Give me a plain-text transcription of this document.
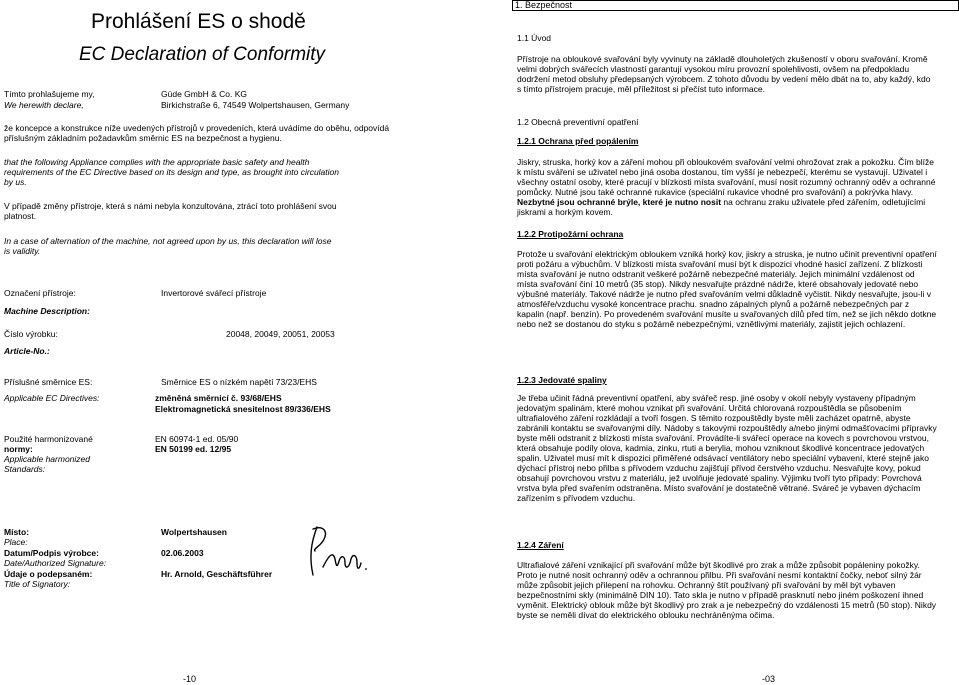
Prohlášení ES o shodě
EC Declaration of Conformity
Tímto prohlašujeme my,
We herewith declare,
Güde GmbH & Co. KG
Birkichstraße 6, 74549 Wolpertshausen, Germany
že koncepce a konstrukce níže uvedených přístrojů v provedeních, která uvádíme do oběhu, odpovídá příslušným základním požadavkům směrnic ES na bezpečnost a hygienu.
that the following Appliance complies with the appropriate basic safety and health requirements of the EC Directive based on its design and type, as brought into circulation by us.
V případě změny přístroje, která s námi nebyla konzultována, ztrácí toto prohlášení svou platnost.
In a case of alternation of the machine, not agreed upon by us, this declaration will lose is validity.
Označení přístroje:
Machine Description:
Invertorové svářecí přístroje
Číslo výrobku:
Article-No.:
20048, 20049, 20051, 20053
Příslušné směrnice ES:
Applicable EC Directives:
Směrnice ES o nízkém napětí 73/23/EHS
změněná směrnicí č. 93/68/EHS
Elektromagnetická snesitelnost 89/336/EHS
Použité harmonizované
normy:
Applicable harmonized
Standards:
EN 60974-1 ed. 05/90
EN 50199 ed. 12/95
Místo:
Place:
Wolpertshausen
Datum/Podpis výrobce:
Date/Authorized Signature:
02.06.2003
Údaje o podepsaném:
Title of Signatory:
Hr. Arnold, Geschäftsführer
-10
1. Bezpečnost
1.1 Úvod
Přístroje na obloukové svařování byly vyvinuty na základě dlouholetých zkušeností v oboru svařování. Kromě velmi dobrých svářecích vlastností garantují vysokou míru provozní spolehlivosti, ovšem na předpokladu dodržení metod obsluhy předepsaných výrobcem. Z tohoto důvodu by vedení mělo dbát na to, aby každý, kdo s tímto přístrojem pracuje, měl příležitost si přečíst tuto informace.
1.2 Obecná preventivní opatření
1.2.1 Ochrana před popálením
Jiskry, struska, horký kov a záření mohou při obloukovém svařování velmi ohrožovat zrak a pokožku. Čím blíže k místu sváření se uživatel nebo jiná osoba dostanou, tím vyšší je nebezpečí, kterému se vystavují. Uživatel i všechny ostatní osoby, které pracují v blízkosti místa svařování, musí nosit rozumný ochranný oděv a ochranné pomůcky. Nutné jsou také ochranné rukavice (speciální rukavice vhodné pro svařování) a pokrývka hlavy. Nezbytné jsou ochranné brýle, které je nutno nosit na ochranu zraku uživatele před zářením, odletujícími jiskrami a horkým kovem.
1.2.2 Protipožární ochrana
Protože u svařování elektrickým obloukem vzniká horký kov, jiskry a struska, je nutno učinit preventivní opatření proti požáru a výbuchům. V blízkosti místa svařování musí být k dispozici vhodné hasicí zařízení. Z blízkosti místa svařování je nutno odstranit veškeré požárně nebezpečné materiály. Jejich minimální vzdálenost od místa svařování činí 10 metrů (35 stop). Nikdy nesvařujte prázdné nádrže, které obsahovaly jedovaté nebo výbušné materiály. Takové nádrže je nutno před svařováním velmi důkladně vyčistit. Nikdy nesvařujte, jsou-li v atmosféře/vzduchu vysoké koncentrace prachu. snadno zápalných plynů a požárně nebezpečných par z kapalin (např. benzín). Po provedeném svařování musíte u svařovaných dílů před tím, než se jich někdo dotkne nebo než se dostanou do styku s požárně nebezpečnými, vznětlivými materiály, zajistit jejich ochlazení.
1.2.3 Jedovaté spaliny
Je třeba učinit řádná preventivní opatření, aby svářeč resp. jiné osoby v okolí nebyly vystaveny případným jedovatým spalinám, které mohou vznikat při svařování. Určitá chlorovaná rozpouštědla se působením ultrafialového záření rozkládají a tvoří fosgen. S těmito rozpouštědly byste měli zacházet opatrně, abyste zabránili kontaktu se svařovanými díly. Nádoby s takovými rozpouštědly a/nebo jinými odmašťovacími přípravky byste měli odstranit z blízkosti místa svařování. Provádíte-li svářecí operace na kovech s povrchovou vrstvou, která obsahuje podíly olova, kadmia, zinku, rtuti a berylia, mohou vzniknout škodlivé koncentrace jedovatých spalin. Uživatel musí mít k dispozici přiměřené odsávací ventilátory nebo speciální vybavení, které stejně jako dýchací přístroj nebo přilba s přívodem vzduchu zajišťují přívod čerstvého vzduchu. Nesvařujte kovy, pokud obsahují povrchovou vrstvu z materiálu, jež uvolňuje jedovaté spaliny. Výjimku tvoří tyto případy: Povrchová vrstva byla před svařením odstraněna. Místo svařování je dostatečně větrané. Sváreč je vybaven dýchacím zařízením s přívodem vzduchu.
1.2.4 Záření
Ultrafialové záření vznikající při svařování může být škodlivé pro zrak a může způsobit popáleniny pokožky. Proto je nutné nosit ochranný oděv a ochrannou přilbu. Při svařování nesmí kontaktní čočky, neboť silný žár může způsobit jejich přilepení na rohovku. Ochranný štít používaný při svařování by měl být vybaven bezpečnostními skly (minimálně DIN 10). Tato skla je nutno v případě prasknutí nebo jiném poškození ihned vyměnit. Elektrický oblouk může být škodlivý pro zrak a je nebezpečný do vzdálenosti 15 metrů (50 stop). Nikdy byste se neměli dívat do elektrického oblouku nechráněnýma očima.
-03
